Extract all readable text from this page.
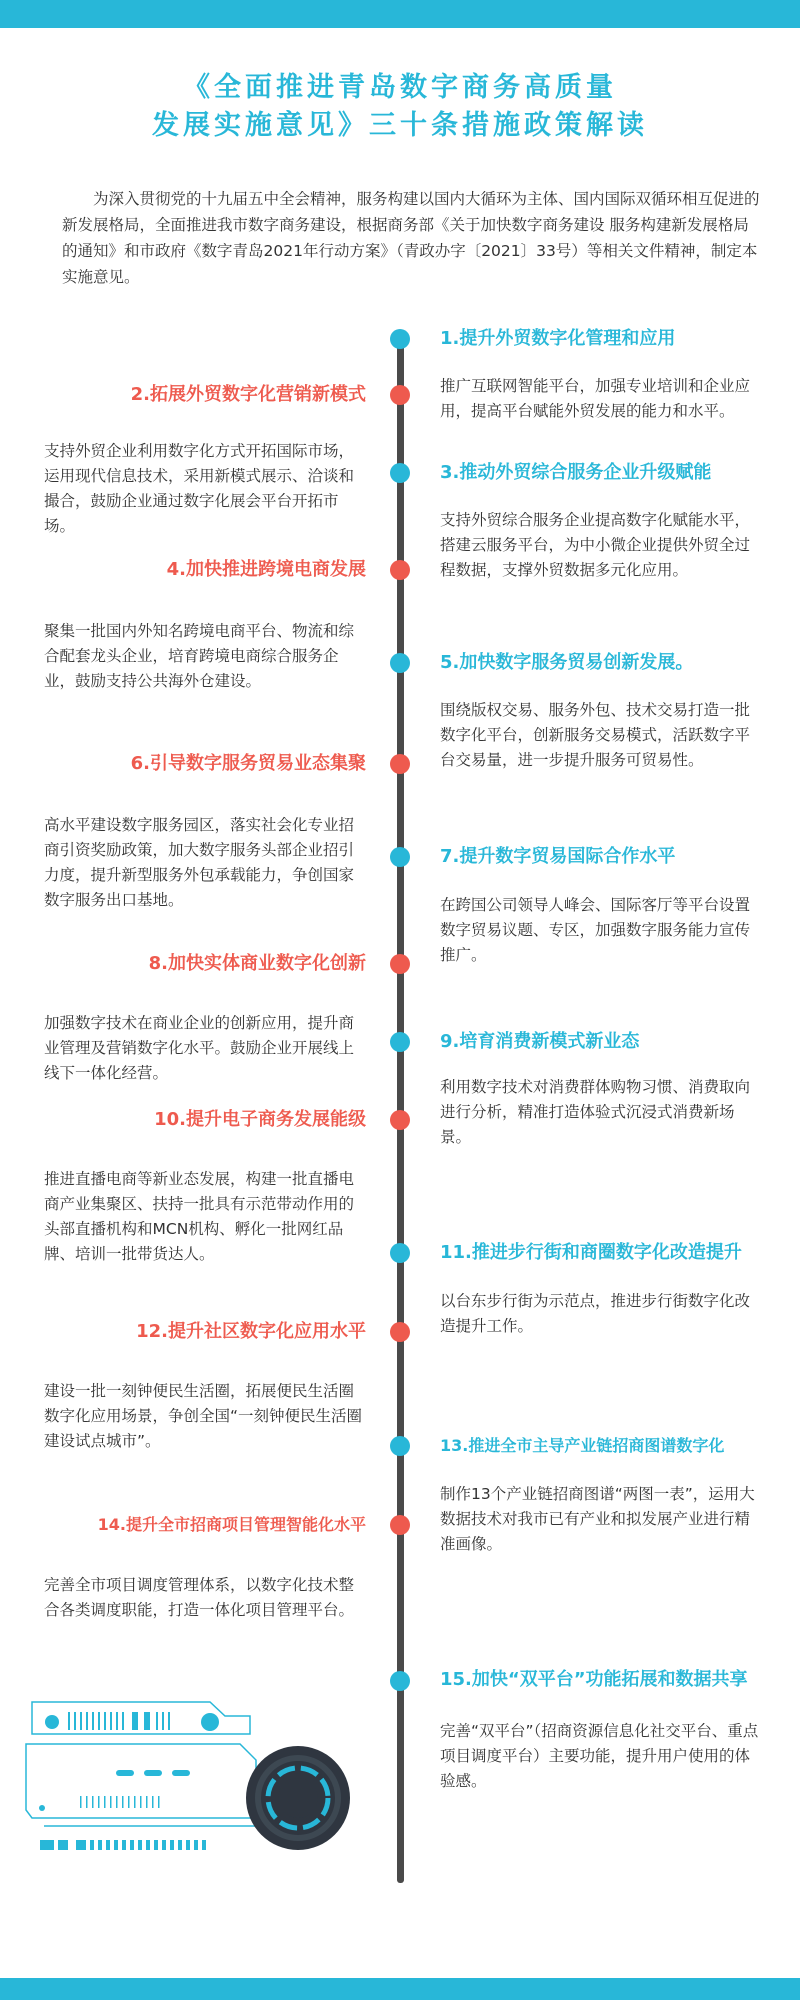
《全面推进青岛数字商务高质量
发展实施意见》三十条措施政策解读

为深入贯彻党的十九届五中全会精神，服务构建以国内大循环为主体、国内国际双循环相互促进的新发展格局，全面推进我市数字商务建设，根据商务部《关于加快数字商务建设 服务构建新发展格局的通知》和市政府《数字青岛2021年行动方案》（青政办字〔2021〕33号）等相关文件精神，制定本实施意见。

1.提升外贸数字化管理和应用

推广互联网智能平台，加强专业培训和企业应用，提高平台赋能外贸发展的能力和水平。

2.拓展外贸数字化营销新模式

支持外贸企业利用数字化方式开拓国际市场，运用现代信息技术，采用新模式展示、洽谈和撮合，鼓励企业通过数字化展会平台开拓市场。

3.推动外贸综合服务企业升级赋能

支持外贸综合服务企业提高数字化赋能水平，搭建云服务平台，为中小微企业提供外贸全过程数据，支撑外贸数据多元化应用。

4.加快推进跨境电商发展

聚集一批国内外知名跨境电商平台、物流和综合配套龙头企业，培育跨境电商综合服务企业，鼓励支持公共海外仓建设。

5.加快数字服务贸易创新发展。

围绕版权交易、服务外包、技术交易打造一批数字化平台，创新服务交易模式，活跃数字平台交易量，进一步提升服务可贸易性。

6.引导数字服务贸易业态集聚

高水平建设数字服务园区，落实社会化专业招商引资奖励政策，加大数字服务头部企业招引力度，提升新型服务外包承载能力，争创国家数字服务出口基地。

7.提升数字贸易国际合作水平

在跨国公司领导人峰会、国际客厅等平台设置数字贸易议题、专区，加强数字服务能力宣传推广。

8.加快实体商业数字化创新

加强数字技术在商业企业的创新应用，提升商业管理及营销数字化水平。鼓励企业开展线上线下一体化经营。

9.培育消费新模式新业态

利用数字技术对消费群体购物习惯、消费取向进行分析，精准打造体验式沉浸式消费新场景。

10.提升电子商务发展能级

推进直播电商等新业态发展，构建一批直播电商产业集聚区、扶持一批具有示范带动作用的头部直播机构和MCN机构、孵化一批网红品牌、培训一批带货达人。	11.推进步行街和商圈数字化改造提升

以台东步行街为示范点，推进步行街数字化改造提升工作。

12.提升社区数字化应用水平

建设一批一刻钟便民生活圈，拓展便民生活圈数字化应用场景，争创全国“一刻钟便民生活圈建设试点城市”。	13.推进全市主导产业链招商图谱数字化

制作13个产业链招商图谱“两图一表”，运用大数据技术对我市已有产业和拟发展产业进行精准画像。

14.提升全市招商项目管理智能化水平

完善全市项目调度管理体系，以数字化技术整合各类调度职能，打造一体化项目管理平台。

15.加快“双平台”功能拓展和数据共享

完善“双平台”（招商资源信息化社交平台、重点项目调度平台）主要功能，提升用户使用的体验感。
